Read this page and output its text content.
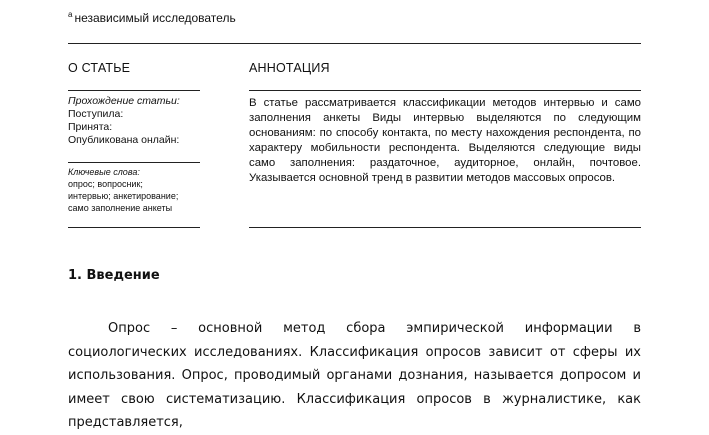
$^a$ независимый исследователь
О СТАТЬЕ
Прохождение статьи:
Поступила:
Принята:
Опубликована онлайн:
Ключевые слова:
опрос; вопросник;
интервью; анкетирование;
само заполнение анкеты
АННОТАЦИЯ
В статье рассматривается классификации методов интервью и само заполнения анкеты Виды интервью выделяются по следующим основаниям: по способу контакта, по месту нахождения респондента, по характеру мобильности респондента. Выделяются следующие виды само заполнения: раздаточное, аудиторное, онлайн, почтовое. Указывается основной тренд в развитии методов массовых опросов.
1. Введение
Опрос – основной метод сбора эмпирической информации в социологических исследованиях. Классификация опросов зависит от сферы их использования. Опрос, проводимый органами дознания, называется допросом и имеет свою систематизацию. Классификация опросов в журналистике, как представляется,
